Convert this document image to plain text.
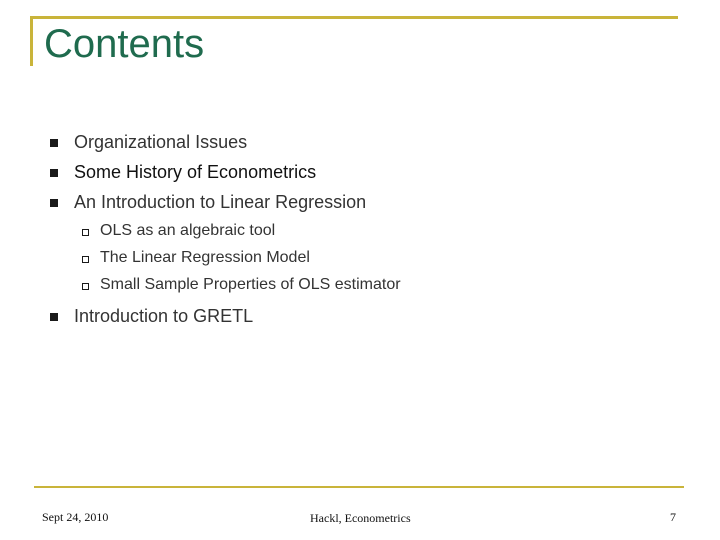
Contents
Organizational Issues
Some History of Econometrics
An Introduction to Linear Regression
OLS as an algebraic tool
The Linear Regression Model
Small Sample Properties of OLS estimator
Introduction to GRETL
Sept 24, 2010	Hackl, Econometrics	7
